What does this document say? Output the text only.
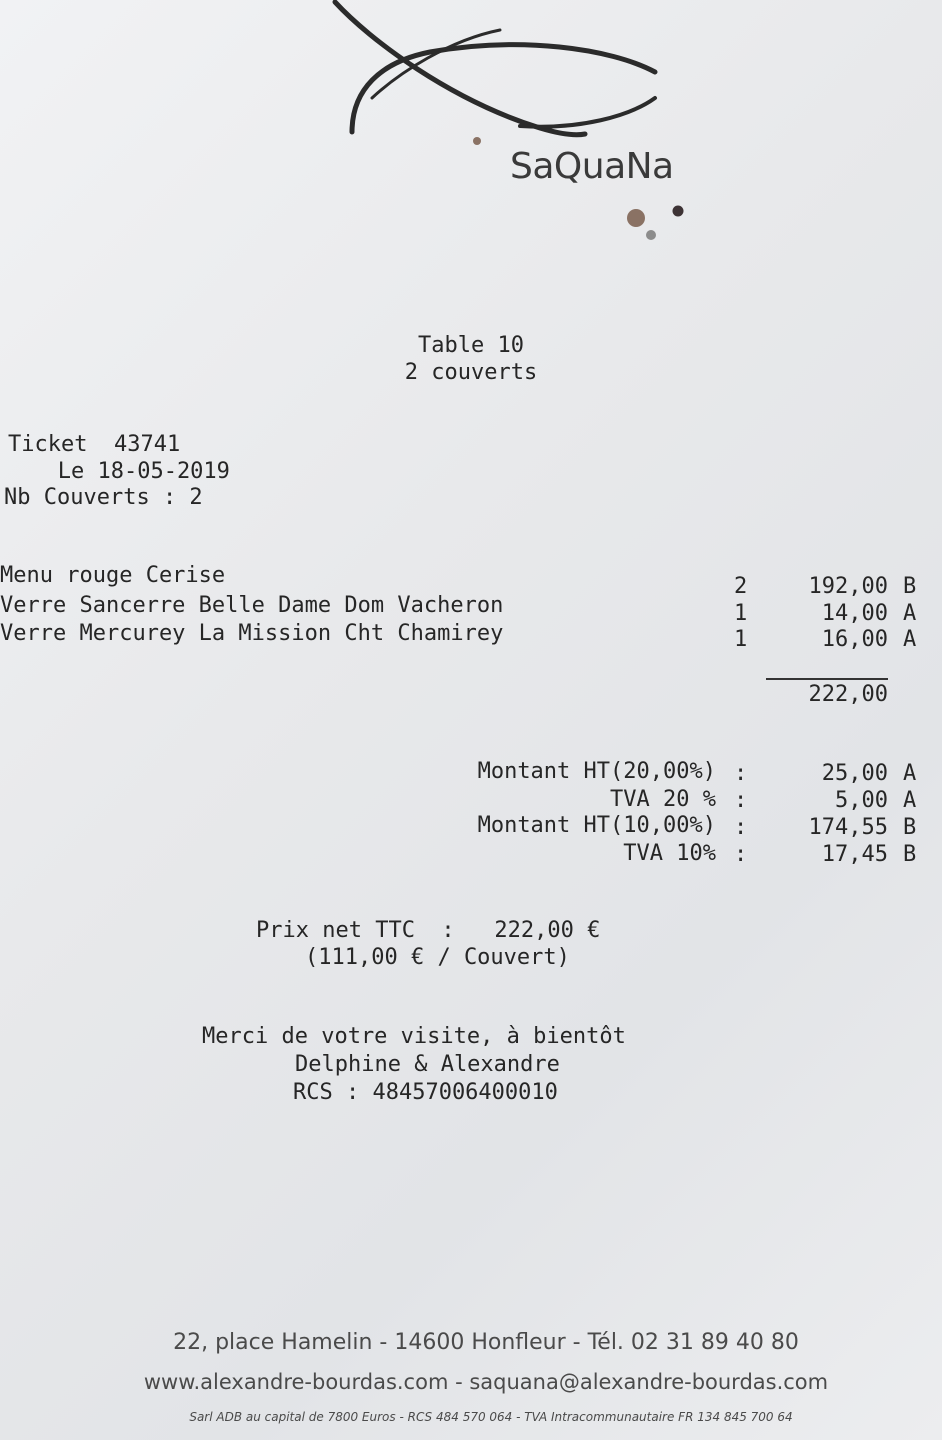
SaQuaNa

Table 10

2 couverts

Ticket  43741

Le 18-05-2019

Nb Couverts : 2

Menu rouge Cerise	2	192,00 B

Verre Sancerre Belle Dame Dom Vacheron	1	14,00 A

Verre Mercurey La Mission Cht Chamirey	1	16,00 A

222,00

Montant HT(20,00%) :	25,00 A

TVA 20 % :	5,00 A

Montant HT(10,00%) :	174,55 B

TVA 10% :	17,45 B

Prix net TTC  :   222,00 €

(111,00 € / Couvert)

Merci de votre visite, à bientôt

Delphine & Alexandre

RCS : 48457006400010

22, place Hamelin - 14600 Honfleur - Tél. 02 31 89 40 80
www.alexandre-bourdas.com - saquana@alexandre-bourdas.com
Sarl ADB au capital de 7800 Euros - RCS 484 570 064 - TVA Intracommunautaire FR 134 845 700 64
